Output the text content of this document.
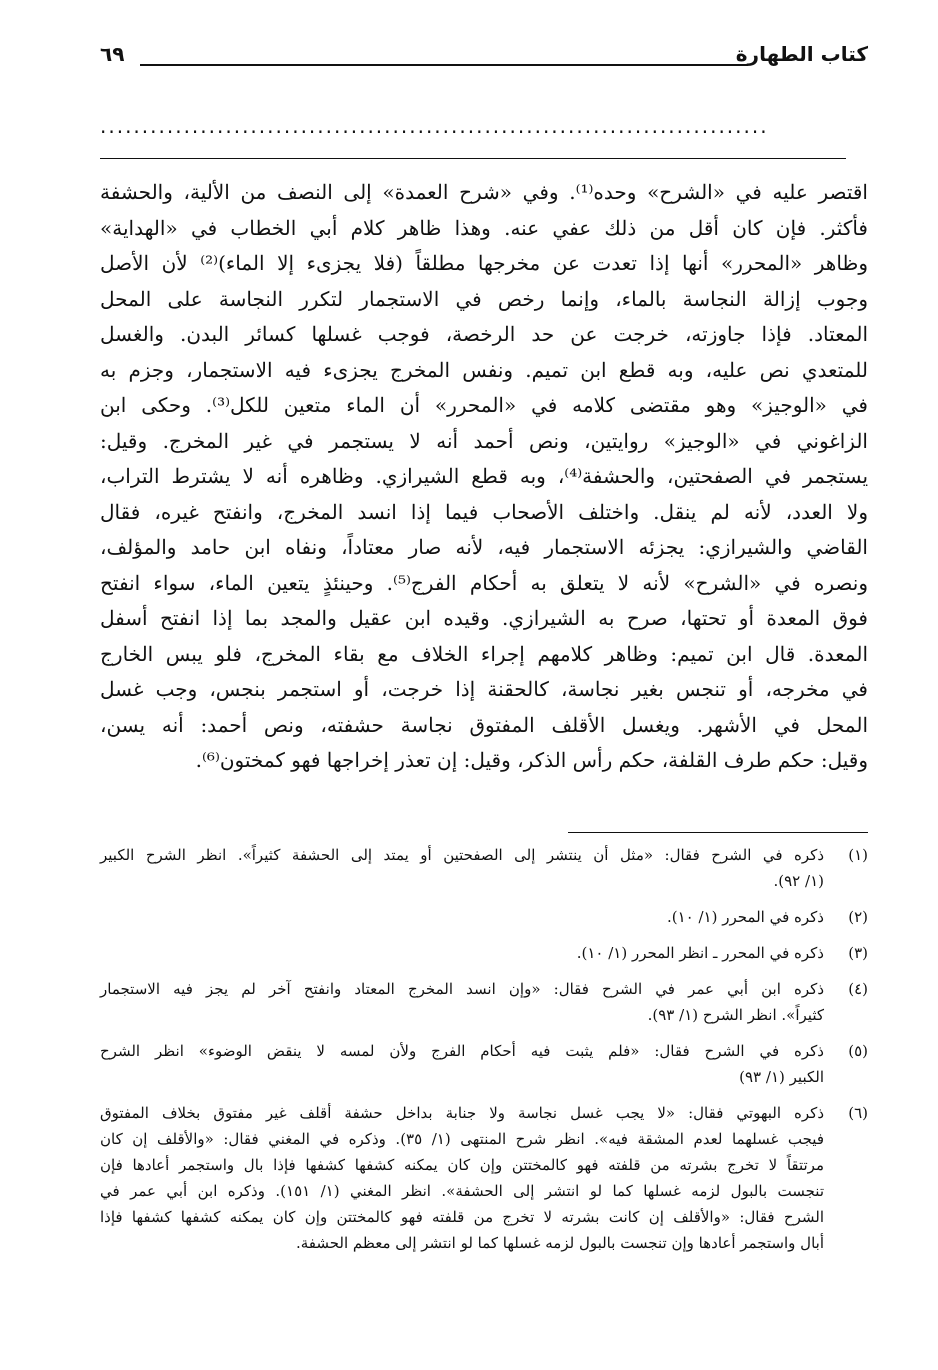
كتاب الطهارة
٦٩
................................................................................
اقتصر عليه في «الشرح» وحده⁽¹⁾. وفي «شرح العمدة» إلى النصف من الألية، والحشفة
فأكثر. فإن كان أقل من ذلك عفي عنه. وهذا ظاهر كلام أبي الخطاب في «الهداية»
وظاهر «المحرر» أنها إذا تعدت عن مخرجها مطلقاً (فلا يجزىء إلا الماء)⁽²⁾ لأن الأصل
وجوب إزالة النجاسة بالماء، وإنما رخص في الاستجمار لتكرر النجاسة على المحل
المعتاد. فإذا جاوزته، خرجت عن حد الرخصة، فوجب غسلها كسائر البدن. والغسل
للمتعدي نص عليه، وبه قطع ابن تميم. ونفس المخرج يجزىء فيه الاستجمار، وجزم به
في «الوجيز» وهو مقتضى كلامه في «المحرر» أن الماء متعين للكل⁽³⁾. وحكى ابن
الزاغوني في «الوجيز» روايتين، ونص أحمد أنه لا يستجمر في غير المخرج. وقيل:
يستجمر في الصفحتين، والحشفة⁽⁴⁾، وبه قطع الشيرازي. وظاهره أنه لا يشترط التراب،
ولا العدد، لأنه لم ينقل. واختلف الأصحاب فيما إذا انسد المخرج، وانفتح غيره، فقال
القاضي والشيرازي: يجزئه الاستجمار فيه، لأنه صار معتاداً، ونفاه ابن حامد والمؤلف،
ونصره في «الشرح» لأنه لا يتعلق به أحكام الفرج⁽⁵⁾. وحينئذٍ يتعين الماء، سواء انفتح
فوق المعدة أو تحتها، صرح به الشيرازي. وقيده ابن عقيل والمجد بما إذا انفتح أسفل
المعدة. قال ابن تميم: وظاهر كلامهم إجراء الخلاف مع بقاء المخرج، فلو يبس الخارج
في مخرجه، أو تنجس بغير نجاسة، كالحقنة إذا خرجت، أو استجمر بنجس، وجب غسل
المحل في الأشهر. ويغسل الأقلف المفتوق نجاسة حشفته، ونص أحمد: أنه يسن،
وقيل: حكم طرف القلفة، حكم رأس الذكر، وقيل: إن تعذر إخراجها فهو كمختون⁽⁶⁾.
(١)
ذكره في الشرح فقال: «مثل أن ينتشر إلى الصفحتين أو يمتد إلى الحشفة كثيراً». انظر الشرح الكبير
(١/ ٩٢).
(٢)
ذكره في المحرر (١/ ١٠).
(٣)
ذكره في المحرر ـ انظر المحرر (١/ ١٠).
(٤)
ذكره ابن أبي عمر في الشرح فقال: «وإن انسد المخرج المعتاد وانفتح آخر لم يجز فيه الاستجمار
كثيراً». انظر الشرح (١/ ٩٣).
(٥)
ذكره في الشرح فقال: «فلم يثبت فيه أحكام الفرج ولأن لمسه لا ينقض الوضوء» انظر الشرح
الكبير (١/ ٩٣)
(٦)
ذكره البهوتي فقال: «لا يجب غسل نجاسة ولا جنابة بداخل حشفة أقلف غير مفتوق بخلاف المفتوق
فيجب غسلهما لعدم المشقة فيه». انظر شرح المنتهى (١/ ٣٥). وذكره في المغني فقال: «والأقلف إن كان
مرتتقاً لا تخرج بشرته من قلفته فهو كالمختتن وإن كان يمكنه كشفها كشفها فإذا بال واستجمر أعادها فإن
تنجست بالبول لزمه غسلها كما لو انتشر إلى الحشفة». انظر المغني (١/ ١٥١). وذكره ابن أبي عمر في
الشرح فقال: «والأقلف إن كانت بشرته لا تخرج من قلفته فهو كالمختتن وإن كان يمكنه كشفها كشفها فإذا
أبال واستجمر أعادها وإن تنجست بالبول لزمه غسلها كما لو انتشر إلى معظم الحشفة.
